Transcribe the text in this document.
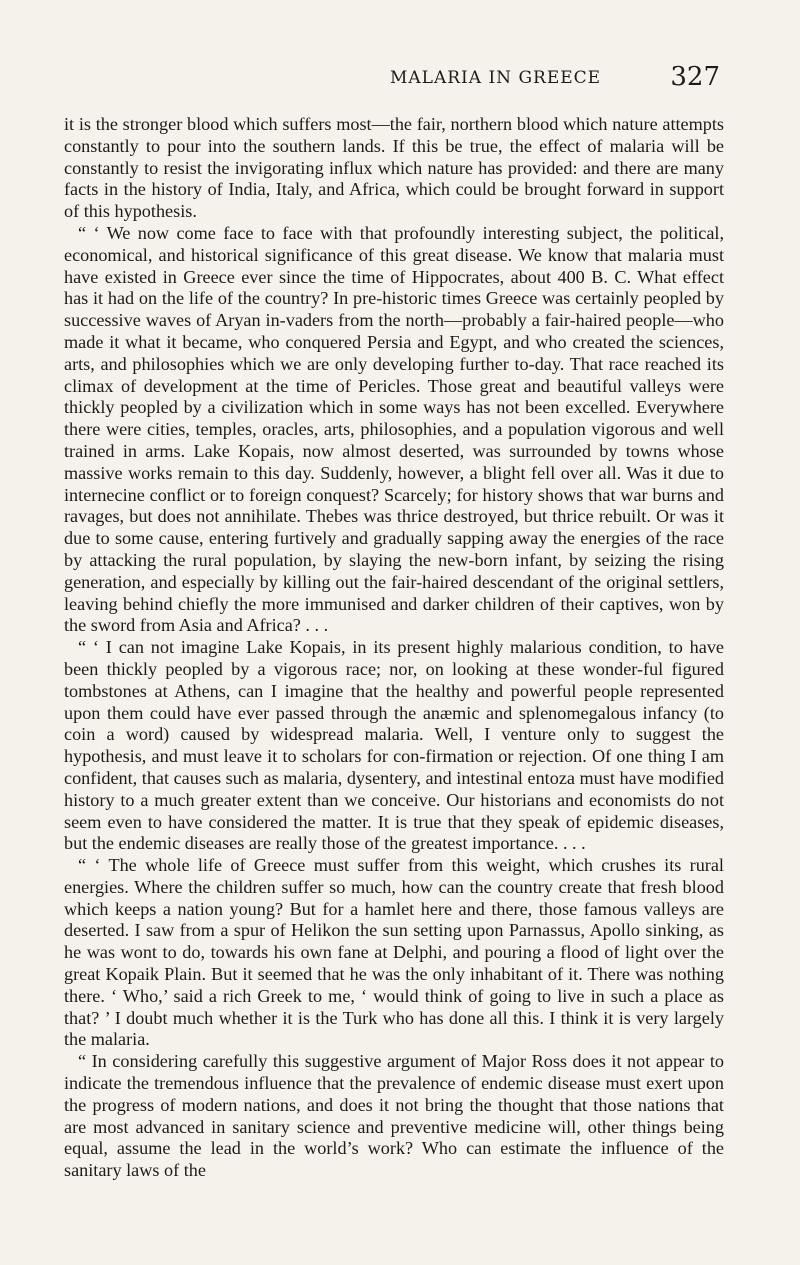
MALARIA IN GREECE	327

it is the stronger blood which suffers most—the fair, northern blood which nature attempts constantly to pour into the southern lands. If this be true, the effect of malaria will be constantly to resist the invigorating influx which nature has provided: and there are many facts in the history of India, Italy, and Africa, which could be brought forward in support of this hypothesis.

“ ‘ We now come face to face with that profoundly interesting subject, the political, economical, and historical significance of this great disease. We know that malaria must have existed in Greece ever since the time of Hippocrates, about 400 B. C. What effect has it had on the life of the country? In pre-historic times Greece was certainly peopled by successive waves of Aryan in-vaders from the north—probably a fair-haired people—who made it what it became, who conquered Persia and Egypt, and who created the sciences, arts, and philosophies which we are only developing further to-day. That race reached its climax of development at the time of Pericles. Those great and beautiful valleys were thickly peopled by a civilization which in some ways has not been excelled. Everywhere there were cities, temples, oracles, arts, philosophies, and a population vigorous and well trained in arms. Lake Kopais, now almost deserted, was surrounded by towns whose massive works remain to this day. Suddenly, however, a blight fell over all. Was it due to internecine conflict or to foreign conquest? Scarcely; for history shows that war burns and ravages, but does not annihilate. Thebes was thrice destroyed, but thrice rebuilt. Or was it due to some cause, entering furtively and gradually sapping away the energies of the race by attacking the rural population, by slaying the new-born infant, by seizing the rising generation, and especially by killing out the fair-haired descendant of the original settlers, leaving behind chiefly the more immunised and darker children of their captives, won by the sword from Asia and Africa? . . .

“ ‘ I can not imagine Lake Kopais, in its present highly malarious condition, to have been thickly peopled by a vigorous race; nor, on looking at these wonder-ful figured tombstones at Athens, can I imagine that the healthy and powerful people represented upon them could have ever passed through the anæmic and splenomegalous infancy (to coin a word) caused by widespread malaria. Well, I venture only to suggest the hypothesis, and must leave it to scholars for con-firmation or rejection. Of one thing I am confident, that causes such as malaria, dysentery, and intestinal entoza must have modified history to a much greater extent than we conceive. Our historians and economists do not seem even to have considered the matter. It is true that they speak of epidemic diseases, but the endemic diseases are really those of the greatest importance. . . .

“ ‘ The whole life of Greece must suffer from this weight, which crushes its rural energies. Where the children suffer so much, how can the country create that fresh blood which keeps a nation young? But for a hamlet here and there, those famous valleys are deserted. I saw from a spur of Helikon the sun setting upon Parnassus, Apollo sinking, as he was wont to do, towards his own fane at Delphi, and pouring a flood of light over the great Kopaik Plain. But it seemed that he was the only inhabitant of it. There was nothing there. ‘ Who,’ said a rich Greek to me, ‘ would think of going to live in such a place as that? ’ I doubt much whether it is the Turk who has done all this. I think it is very largely the malaria.

“ In considering carefully this suggestive argument of Major Ross does it not appear to indicate the tremendous influence that the prevalence of endemic disease must exert upon the progress of modern nations, and does it not bring the thought that those nations that are most advanced in sanitary science and preventive medicine will, other things being equal, assume the lead in the world’s work? Who can estimate the influence of the sanitary laws of the
